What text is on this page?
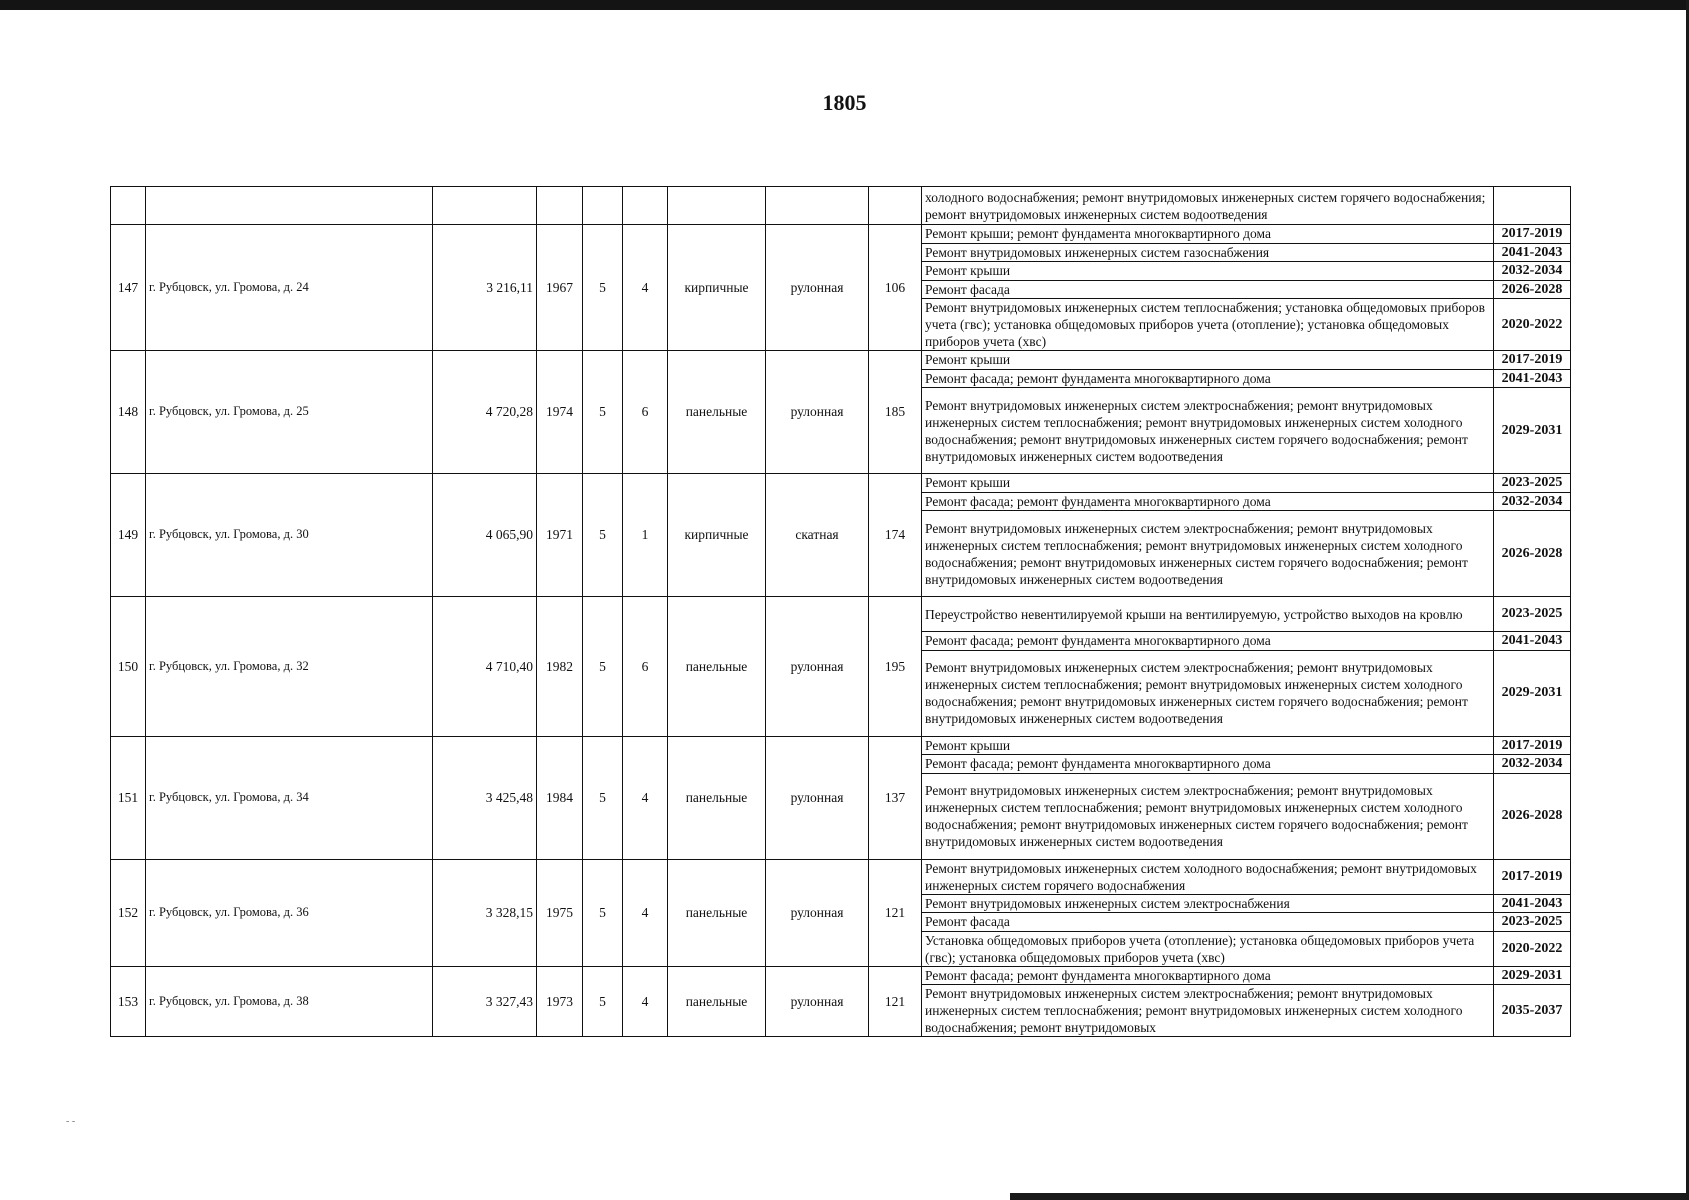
- -
1805
									холодного водоснабжения; ремонт внутридомовых инженерных систем горячего водоснабжения; ремонт внутридомовых инженерных систем водоотведения	
147	г. Рубцовск, ул. Громова, д. 24	3 216,11	1967	5	4	кирпичные	рулонная	106	Ремонт крыши; ремонт фундамента многоквартирного дома	2017-2019
									Ремонт внутридомовых инженерных систем газоснабжения	2041-2043
									Ремонт крыши	2032-2034
									Ремонт фасада	2026-2028
									Ремонт внутридомовых инженерных систем теплоснабжения; установка общедомовых приборов учета (гвс); установка общедомовых приборов учета (отопление); установка общедомовых приборов учета (хвс)	2020-2022
148	г. Рубцовск, ул. Громова, д. 25	4 720,28	1974	5	6	панельные	рулонная	185	Ремонт крыши	2017-2019
									Ремонт фасада; ремонт фундамента многоквартирного дома	2041-2043
									Ремонт внутридомовых инженерных систем электроснабжения; ремонт внутридомовых инженерных систем теплоснабжения; ремонт внутридомовых инженерных систем холодного водоснабжения; ремонт внутридомовых инженерных систем горячего водоснабжения; ремонт внутридомовых инженерных систем водоотведения	2029-2031
149	г. Рубцовск, ул. Громова, д. 30	4 065,90	1971	5	1	кирпичные	скатная	174	Ремонт крыши	2023-2025
									Ремонт фасада; ремонт фундамента многоквартирного дома	2032-2034
									Ремонт внутридомовых инженерных систем электроснабжения; ремонт внутридомовых инженерных систем теплоснабжения; ремонт внутридомовых инженерных систем холодного водоснабжения; ремонт внутридомовых инженерных систем горячего водоснабжения; ремонт внутридомовых инженерных систем водоотведения	2026-2028
150	г. Рубцовск, ул. Громова, д. 32	4 710,40	1982	5	6	панельные	рулонная	195	Переустройство невентилируемой крыши на вентилируемую, устройство выходов на кровлю	2023-2025
									Ремонт фасада; ремонт фундамента многоквартирного дома	2041-2043
									Ремонт внутридомовых инженерных систем электроснабжения; ремонт внутридомовых инженерных систем теплоснабжения; ремонт внутридомовых инженерных систем холодного водоснабжения; ремонт внутридомовых инженерных систем горячего водоснабжения; ремонт внутридомовых инженерных систем водоотведения	2029-2031
151	г. Рубцовск, ул. Громова, д. 34	3 425,48	1984	5	4	панельные	рулонная	137	Ремонт крыши	2017-2019
									Ремонт фасада; ремонт фундамента многоквартирного дома	2032-2034
									Ремонт внутридомовых инженерных систем электроснабжения; ремонт внутридомовых инженерных систем теплоснабжения; ремонт внутридомовых инженерных систем холодного водоснабжения; ремонт внутридомовых инженерных систем горячего водоснабжения; ремонт внутридомовых инженерных систем водоотведения	2026-2028
152	г. Рубцовск, ул. Громова, д. 36	3 328,15	1975	5	4	панельные	рулонная	121	Ремонт внутридомовых инженерных систем холодного водоснабжения; ремонт внутридомовых инженерных систем горячего водоснабжения	2017-2019
									Ремонт внутридомовых инженерных систем электроснабжения	2041-2043
									Ремонт фасада	2023-2025
									Установка общедомовых приборов учета (отопление); установка общедомовых приборов учета (гвс); установка общедомовых приборов учета (хвс)	2020-2022
153	г. Рубцовск, ул. Громова, д. 38	3 327,43	1973	5	4	панельные	рулонная	121	Ремонт фасада; ремонт фундамента многоквартирного дома	2029-2031
									Ремонт внутридомовых инженерных систем электроснабжения; ремонт внутридомовых инженерных систем теплоснабжения; ремонт внутридомовых инженерных систем холодного водоснабжения; ремонт внутридомовых	2035-2037
